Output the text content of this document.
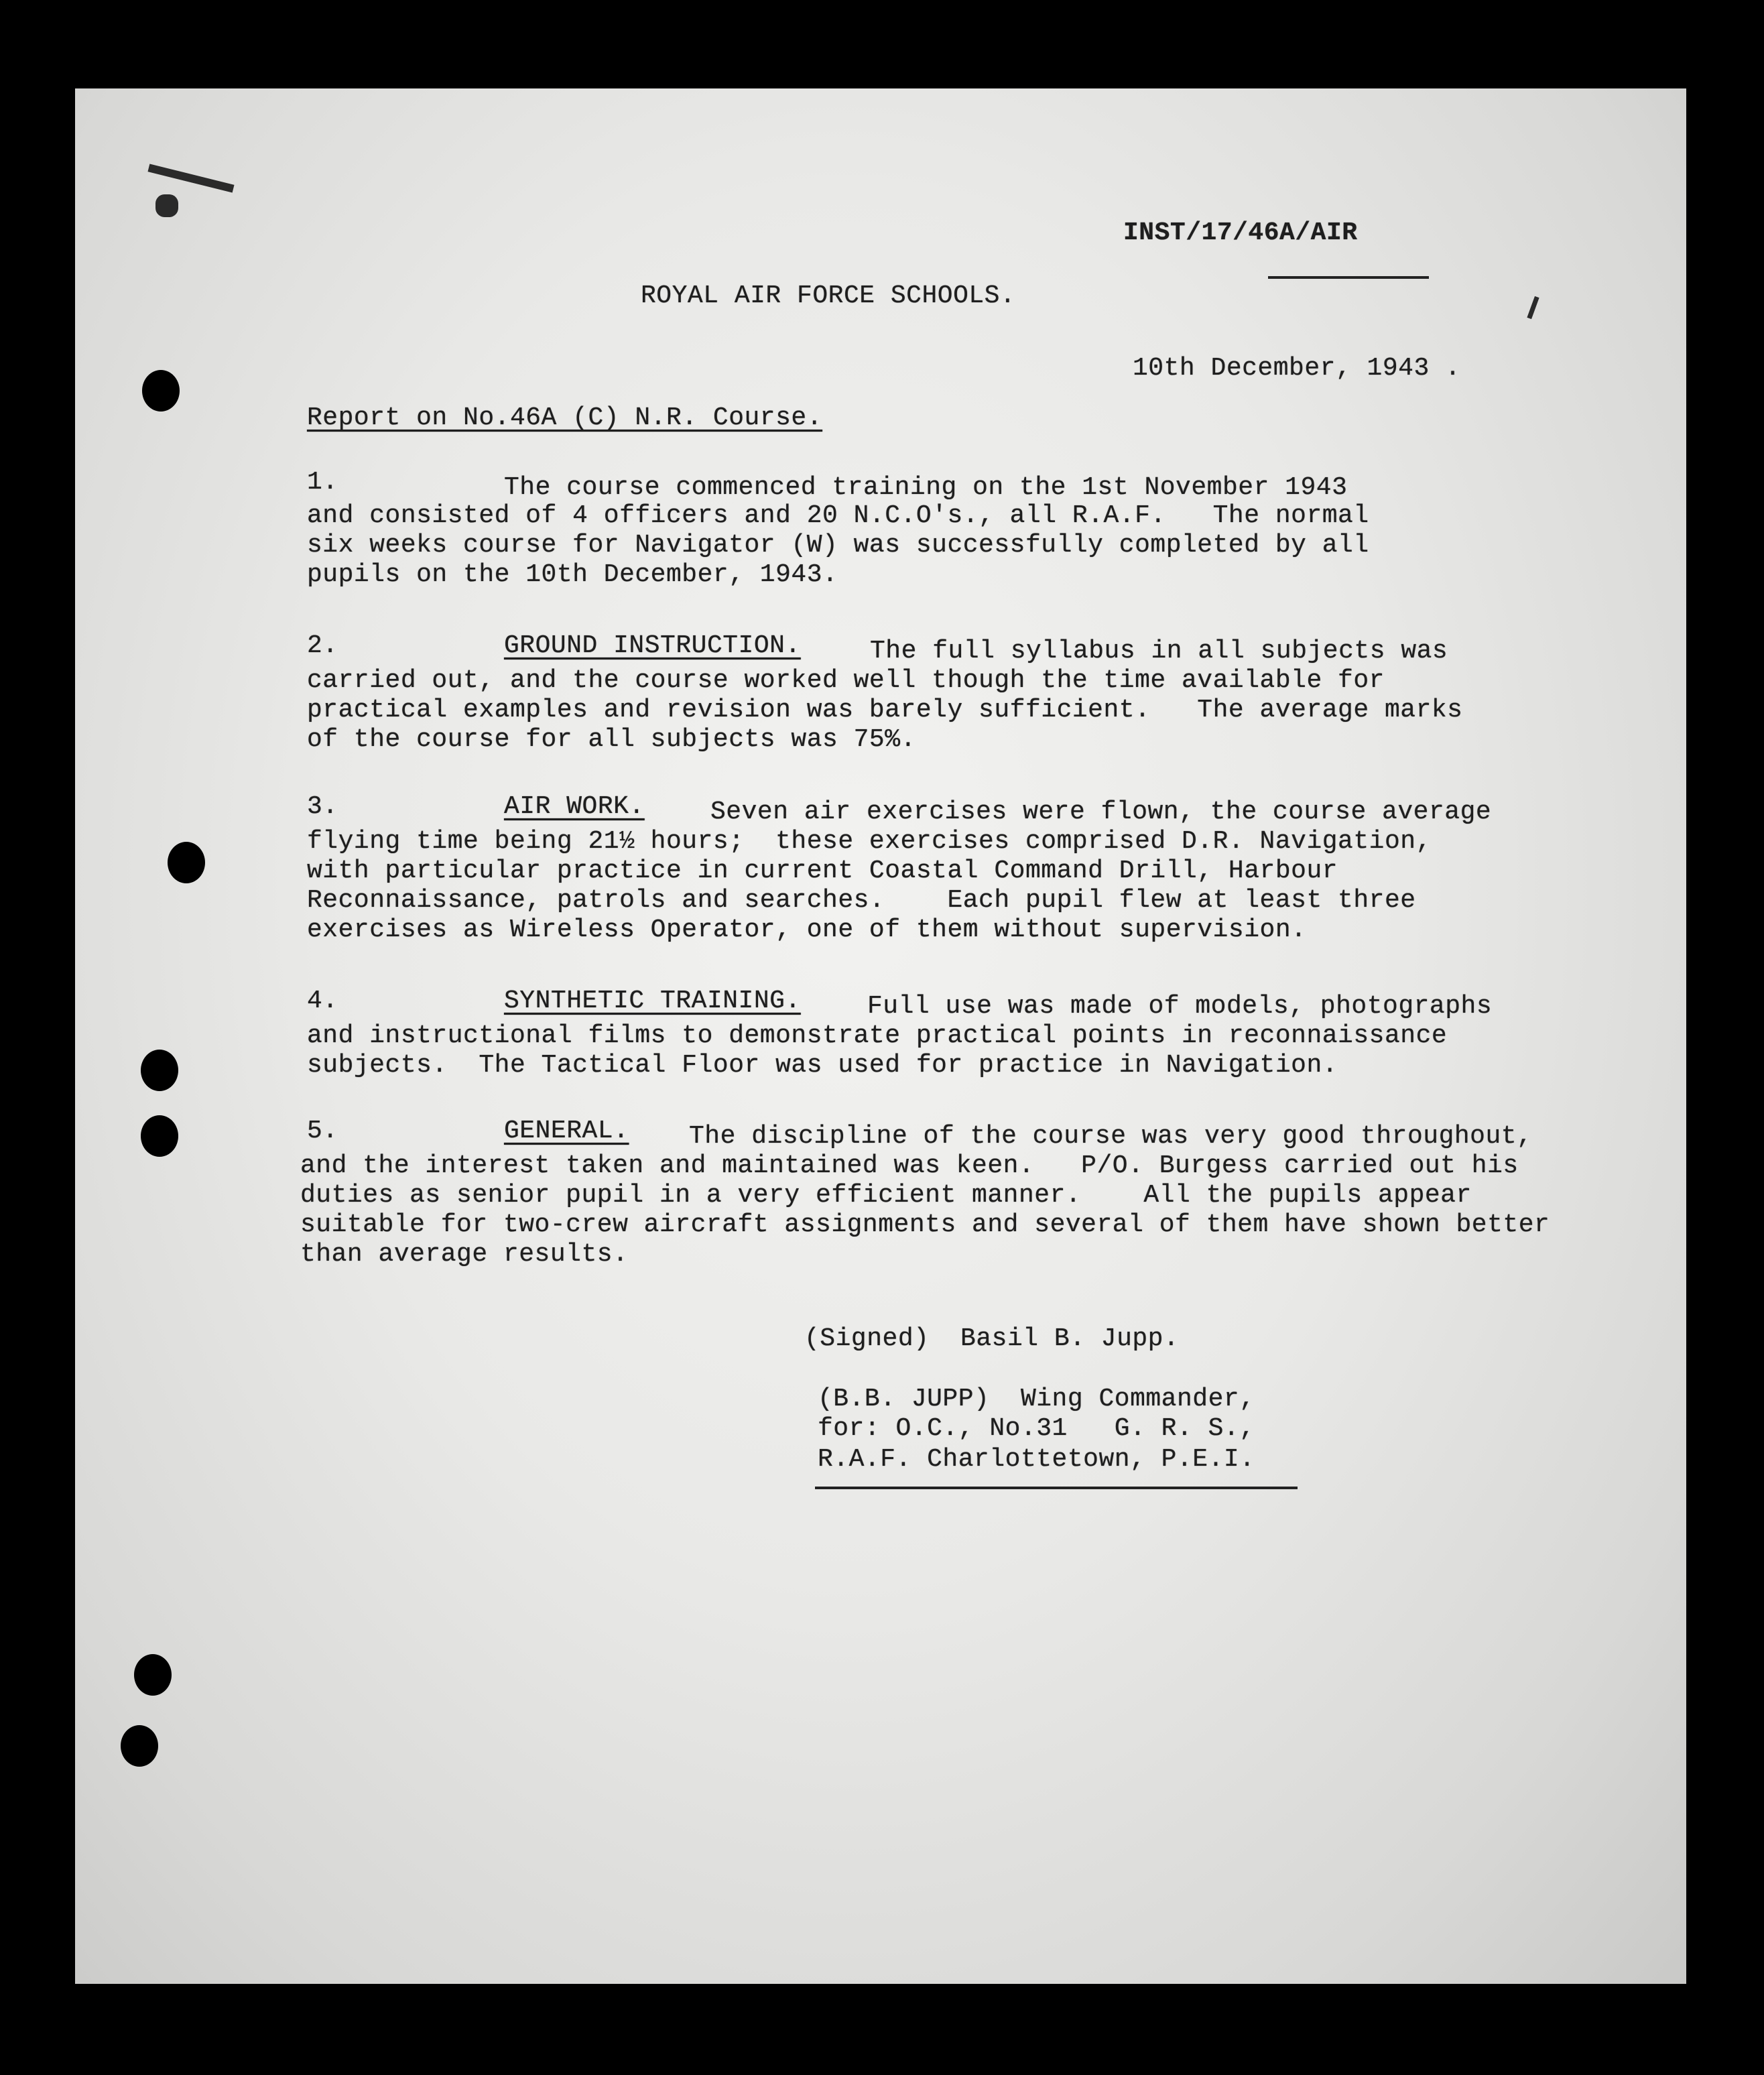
INST/17/46A/AIR
ROYAL AIR FORCE SCHOOLS.
10th December, 1943 .
Report on No.46A (C) N.R. Course.
1.	The course commenced training on the 1st November 1943
and consisted of 4 officers and 20 N.C.O's., all R.A.F.   The normal
six weeks course for Navigator (W) was successfully completed by all
pupils on the 10th December, 1943.
2.	GROUND INSTRUCTION.	The full syllabus in all subjects was
carried out, and the course worked well though the time available for
practical examples and revision was barely sufficient.   The average marks
of the course for all subjects was 75%.
3.	AIR WORK.	Seven air exercises were flown, the course average
flying time being 21½ hours;  these exercises comprised D.R. Navigation,
with particular practice in current Coastal Command Drill, Harbour
Reconnaissance, patrols and searches.    Each pupil flew at least three
exercises as Wireless Operator, one of them without supervision.
4.	SYNTHETIC TRAINING.	Full use was made of models, photographs
and instructional films to demonstrate practical points in reconnaissance
subjects.  The Tactical Floor was used for practice in Navigation.
5.	GENERAL. The discipline of the course was very good throughout,
and the interest taken and maintained was keen.   P/O. Burgess carried out his
duties as senior pupil in a very efficient manner.    All the pupils appear
suitable for two-crew aircraft assignments and several of them have shown better
than average results.
(Signed)  Basil B. Jupp.
(B.B. JUPP)  Wing Commander,
for: O.C., No.31   G. R. S.,
R.A.F. Charlottetown, P.E.I.
